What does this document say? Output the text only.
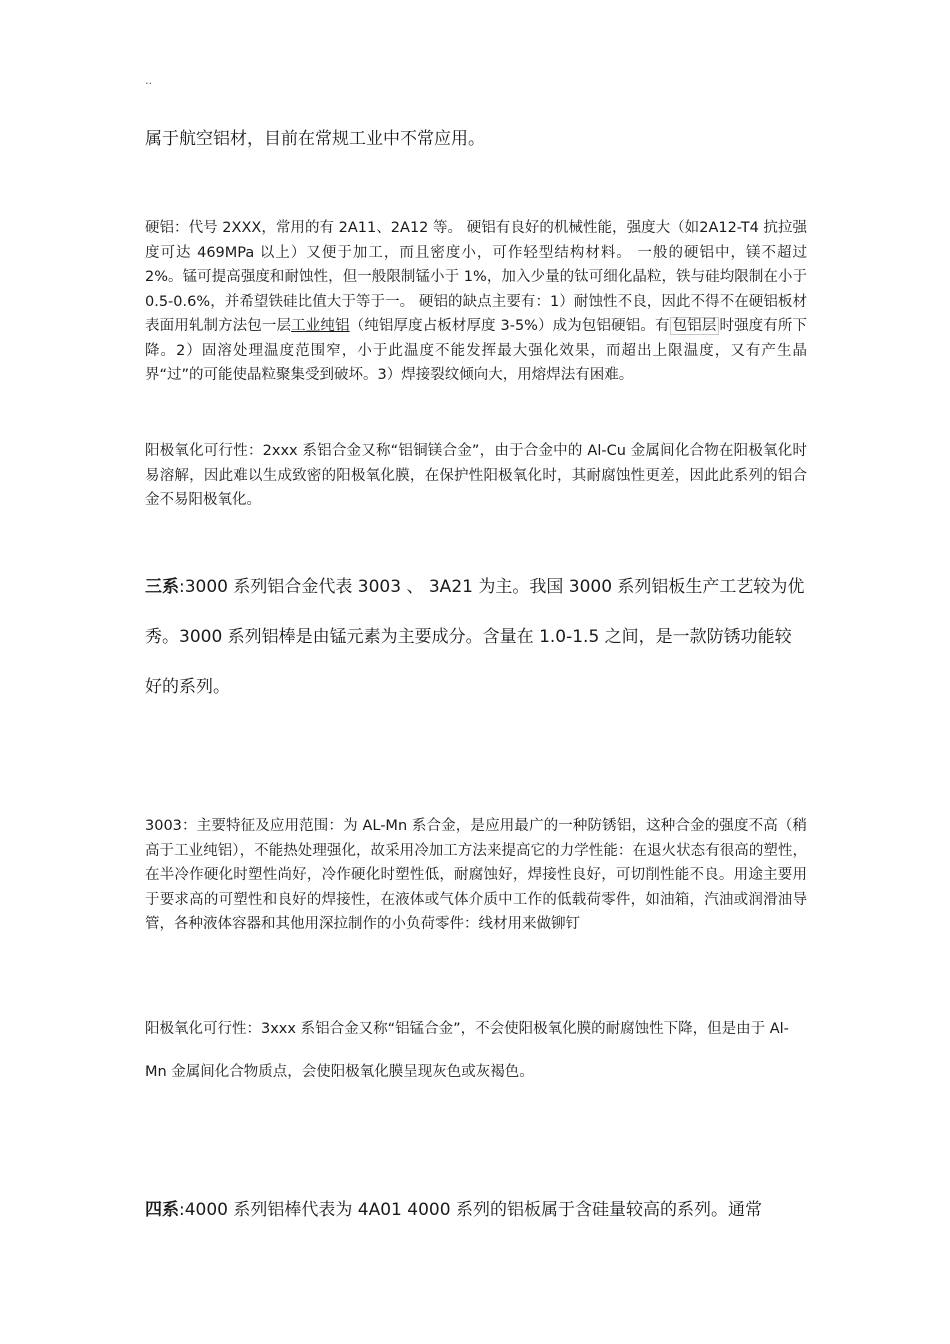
..

属于航空铝材，目前在常规工业中不常应用。

硬铝：代号 2XXX，常用的有 2A11、2A12 等。 硬铝有良好的机械性能，强度大（如2A12-T4 抗拉强度可达 469MPa 以上）又便于加工，而且密度小，可作轻型结构材料。 一般的硬铝中，镁不超过 2%。锰可提高强度和耐蚀性，但一般限制锰小于 1%，加入少量的钛可细化晶粒，铁与硅均限制在小于 0.5-0.6%，并希望铁硅比值大于等于一。 硬铝的缺点主要有：1）耐蚀性不良，因此不得不在硬铝板材表面用轧制方法包一层工业纯铝（纯铝厚度占板材厚度 3-5%）成为包铝硬铝。有 包铝层 时强度有所下降。2）固溶处理温度范围窄，小于此温度不能发挥最大强化效果，而超出上限温度，又有产生晶界“过”的可能使晶粒聚集受到破坏。3）焊接裂纹倾向大，用熔焊法有困难。

阳极氧化可行性：2xxx 系铝合金又称“铝铜镁合金”，由于合金中的 Al-Cu 金属间化合物在阳极氧化时易溶解，因此难以生成致密的阳极氧化膜，在保护性阳极氧化时，其耐腐蚀性更差，因此此系列的铝合金不易阳极氧化。

三系:3000 系列铝合金代表 3003 、 3A21 为主。我国 3000 系列铝板生产工艺较为优秀。3000 系列铝棒是由锰元素为主要成分。含量在 1.0-1.5 之间，是一款防锈功能较好的系列。

3003：主要特征及应用范围：为 AL-Mn 系合金，是应用最广的一种防锈铝，这种合金的强度不高（稍高于工业纯铝），不能热处理强化，故采用冷加工方法来提高它的力学性能：在退火状态有很高的塑性，在半冷作硬化时塑性尚好，冷作硬化时塑性低，耐腐蚀好，焊接性良好，可切削性能不良。用途主要用于要求高的可塑性和良好的焊接性，在液体或气体介质中工作的低载荷零件，如油箱，汽油或润滑油导管，各种液体容器和其他用深拉制作的小负荷零件：线材用来做铆钉

阳极氧化可行性：3xxx 系铝合金又称“铝锰合金”，不会使阳极氧化膜的耐腐蚀性下降，但是由于 Al-Mn 金属间化合物质点，会使阳极氧化膜呈现灰色或灰褐色。

四系:4000 系列铝棒代表为 4A01 4000 系列的铝板属于含硅量较高的系列。通常
